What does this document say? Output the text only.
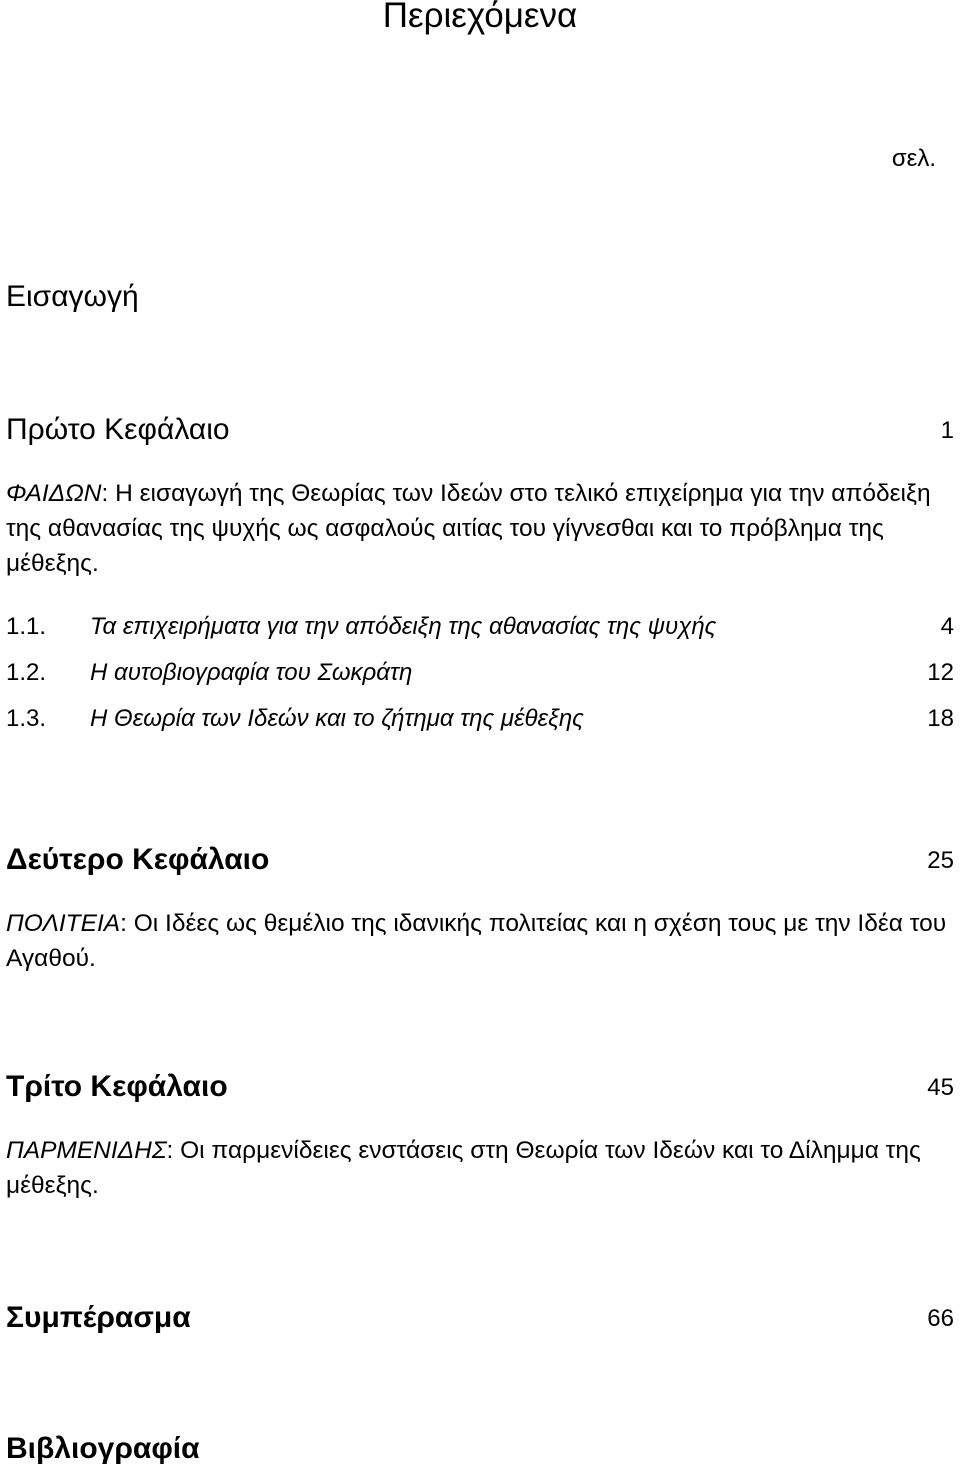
Περιεχόμενα
σελ.
Εισαγωγή
Πρώτο Κεφάλαιο	1
ΦΑΙΔΩΝ: Η εισαγωγή της Θεωρίας των Ιδεών στο τελικό επιχείρημα για την απόδειξη της αθανασίας της ψυχής ως ασφαλούς αιτίας του γίγνεσθαι και το πρόβλημα της μέθεξης.
1.1. Τα επιχειρήματα για την απόδειξη της αθανασίας της ψυχής	4
1.2. Η αυτοβιογραφία του Σωκράτη	12
1.3. Η Θεωρία των Ιδεών και το ζήτημα της μέθεξης	18
Δεύτερο Κεφάλαιο	25
ΠΟΛΙΤΕΙΑ: Οι Ιδέες ως θεμέλιο της ιδανικής πολιτείας και η σχέση τους με την Ιδέα του Αγαθού.
Τρίτο Κεφάλαιο	45
ΠΑΡΜΕΝΙΔΗΣ: Οι παρμενίδειες ενστάσεις στη Θεωρία των Ιδεών και το Δίλημμα της μέθεξης.
Συμπέρασμα	66
Βιβλιογραφία
